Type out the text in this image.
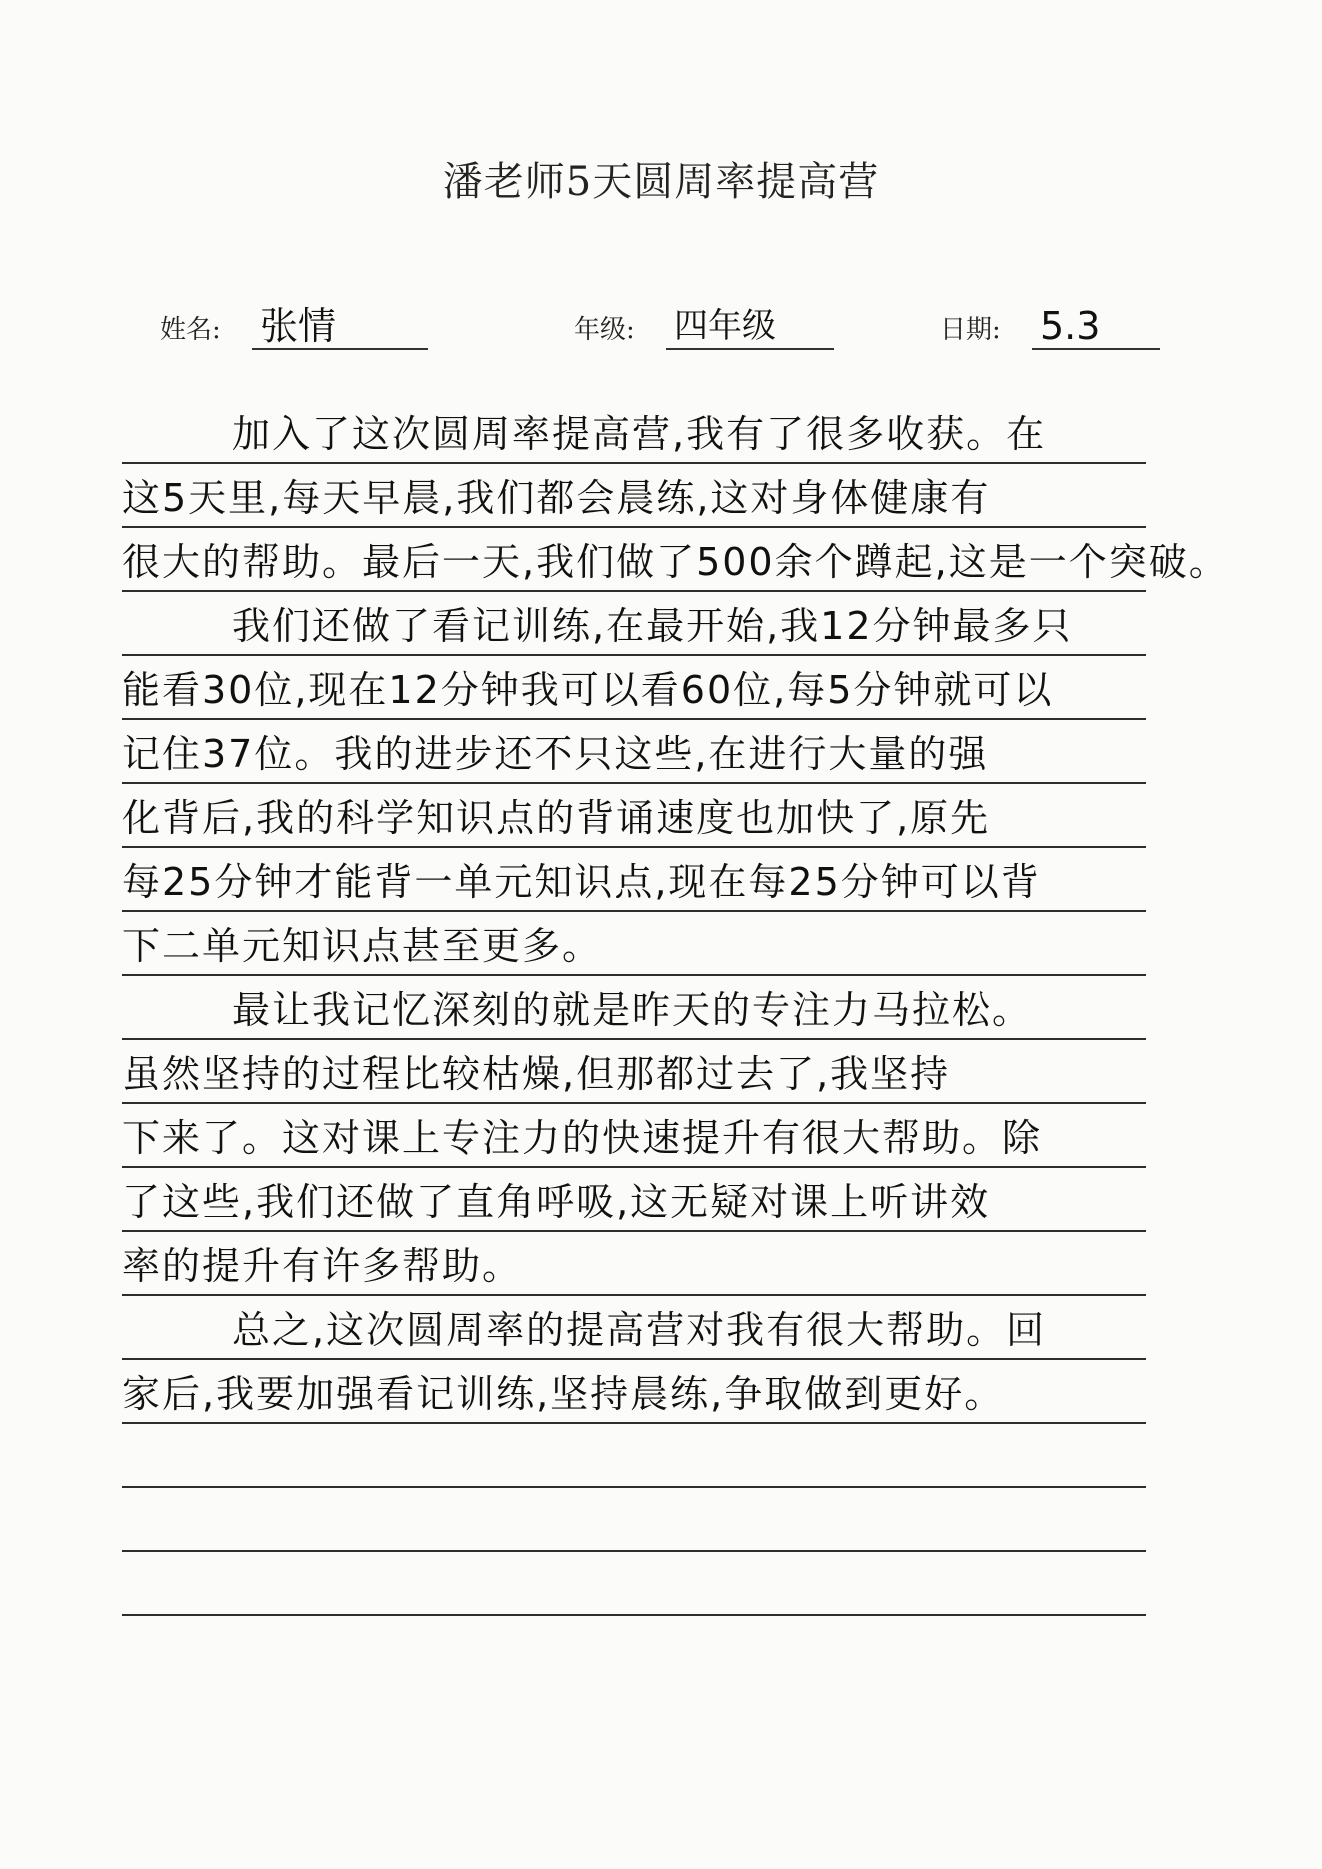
潘老师5天圆周率提高营
姓名: 张情	年级: 四年级	日期: 5.3
加入了这次圆周率提高营,我有了很多收获。在
这5天里,每天早晨,我们都会晨练,这对身体健康有
很大的帮助。最后一天,我们做了500余个蹲起,这是一个突破。
我们还做了看记训练,在最开始,我12分钟最多只
能看30位,现在12分钟我可以看60位,每5分钟就可以
记住37位。我的进步还不只这些,在进行大量的强
化背后,我的科学知识点的背诵速度也加快了,原先
每25分钟才能背一单元知识点,现在每25分钟可以背
下二单元知识点甚至更多。
最让我记忆深刻的就是昨天的专注力马拉松。
虽然坚持的过程比较枯燥,但那都过去了,我坚持
下来了。这对课上专注力的快速提升有很大帮助。除
了这些,我们还做了直角呼吸,这无疑对课上听讲效
率的提升有许多帮助。
总之,这次圆周率的提高营对我有很大帮助。回
家后,我要加强看记训练,坚持晨练,争取做到更好。
